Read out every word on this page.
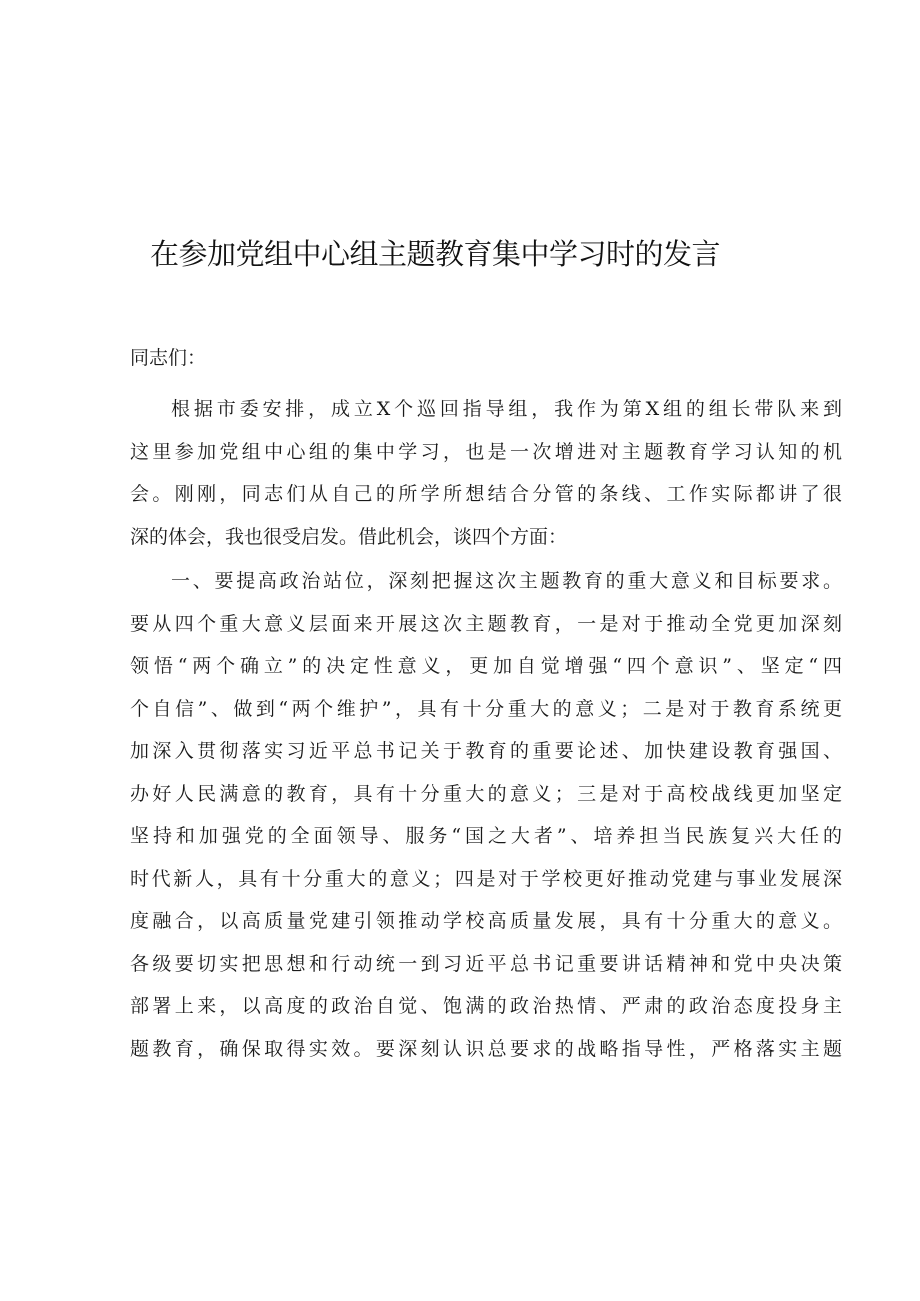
在参加党组中心组主题教育集中学习时的发言
同志们：
根据市委安排，成立X个巡回指导组，我作为第X组的组长带队来到
这里参加党组中心组的集中学习，也是一次增进对主题教育学习认知的机
会。刚刚，同志们从自己的所学所想结合分管的条线、工作实际都讲了很
深的体会，我也很受启发。借此机会，谈四个方面：
一、要提高政治站位，深刻把握这次主题教育的重大意义和目标要求。
要从四个重大意义层面来开展这次主题教育，一是对于推动全党更加深刻
领悟“两个确立”的决定性意义，更加自觉增强“四个意识”、坚定“四
个自信”、做到“两个维护”，具有十分重大的意义；二是对于教育系统更
加深入贯彻落实习近平总书记关于教育的重要论述、加快建设教育强国、
办好人民满意的教育，具有十分重大的意义；三是对于高校战线更加坚定
坚持和加强党的全面领导、服务“国之大者”、培养担当民族复兴大任的
时代新人，具有十分重大的意义；四是对于学校更好推动党建与事业发展深
度融合，以高质量党建引领推动学校高质量发展，具有十分重大的意义。
各级要切实把思想和行动统一到习近平总书记重要讲话精神和党中央决策
部署上来，以高度的政治自觉、饱满的政治热情、严肃的政治态度投身主
题教育，确保取得实效。要深刻认识总要求的战略指导性，严格落实主题
